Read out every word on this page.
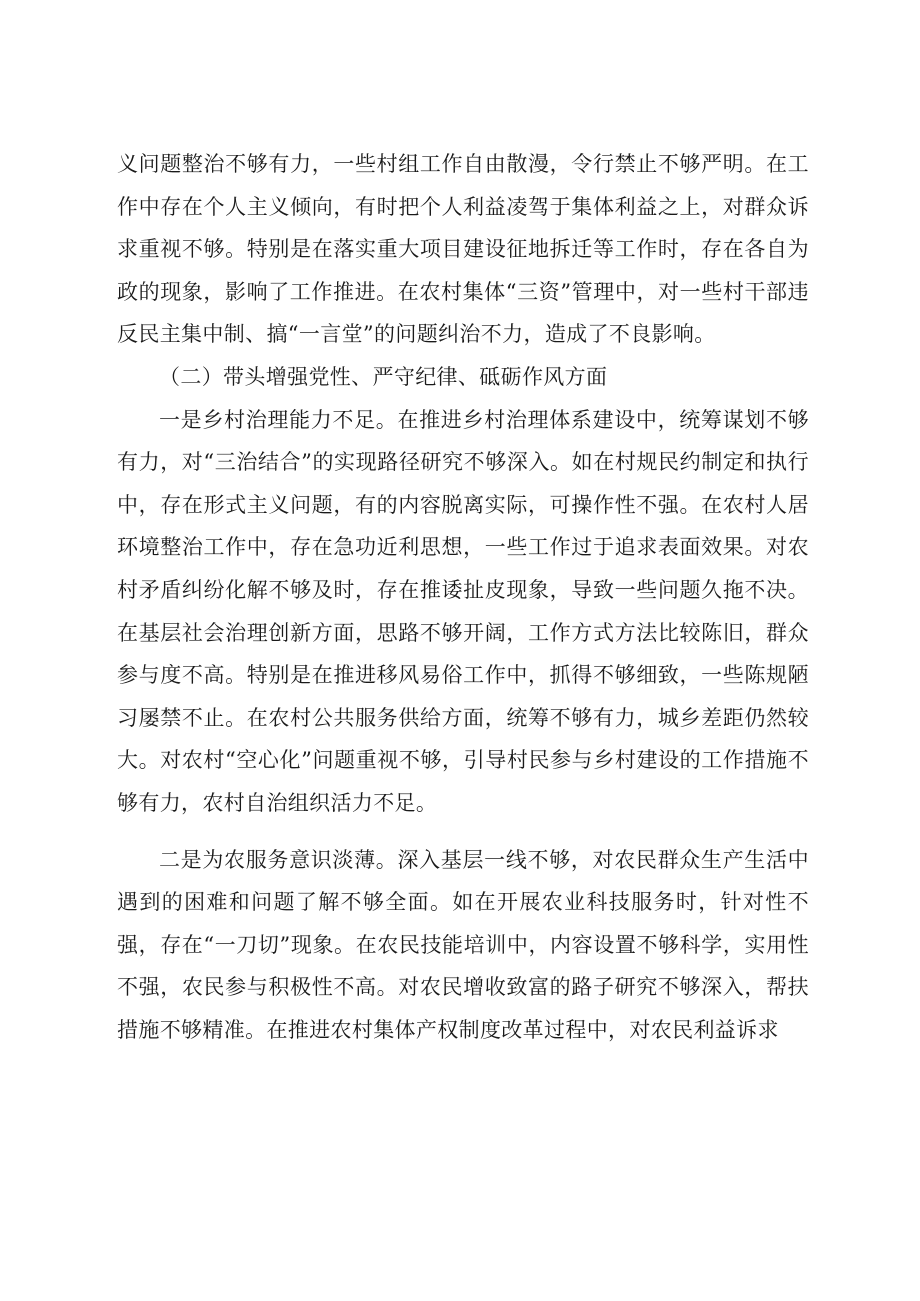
义问题整治不够有力，一些村组工作自由散漫，令行禁止不够严明。在工作中存在个人主义倾向，有时把个人利益凌驾于集体利益之上，对群众诉求重视不够。特别是在落实重大项目建设征地拆迁等工作时，存在各自为政的现象，影响了工作推进。在农村集体“三资”管理中，对一些村干部违反民主集中制、搞“一言堂”的问题纠治不力，造成了不良影响。

（二）带头增强党性、严守纪律、砥砺作风方面

一是乡村治理能力不足。在推进乡村治理体系建设中，统筹谋划不够有力，对“三治结合”的实现路径研究不够深入。如在村规民约制定和执行中，存在形式主义问题，有的内容脱离实际，可操作性不强。在农村人居环境整治工作中，存在急功近利思想，一些工作过于追求表面效果。对农村矛盾纠纷化解不够及时，存在推诿扯皮现象，导致一些问题久拖不决。在基层社会治理创新方面，思路不够开阔，工作方式方法比较陈旧，群众参与度不高。特别是在推进移风易俗工作中，抓得不够细致，一些陈规陋习屡禁不止。在农村公共服务供给方面，统筹不够有力，城乡差距仍然较大。对农村“空心化”问题重视不够，引导村民参与乡村建设的工作措施不够有力，农村自治组织活力不足。

二是为农服务意识淡薄。深入基层一线不够，对农民群众生产生活中遇到的困难和问题了解不够全面。如在开展农业科技服务时，针对性不强，存在“一刀切”现象。在农民技能培训中，内容设置不够科学，实用性不强，农民参与积极性不高。对农民增收致富的路子研究不够深入，帮扶措施不够精准。在推进农村集体产权制度改革过程中，对农民利益诉求
